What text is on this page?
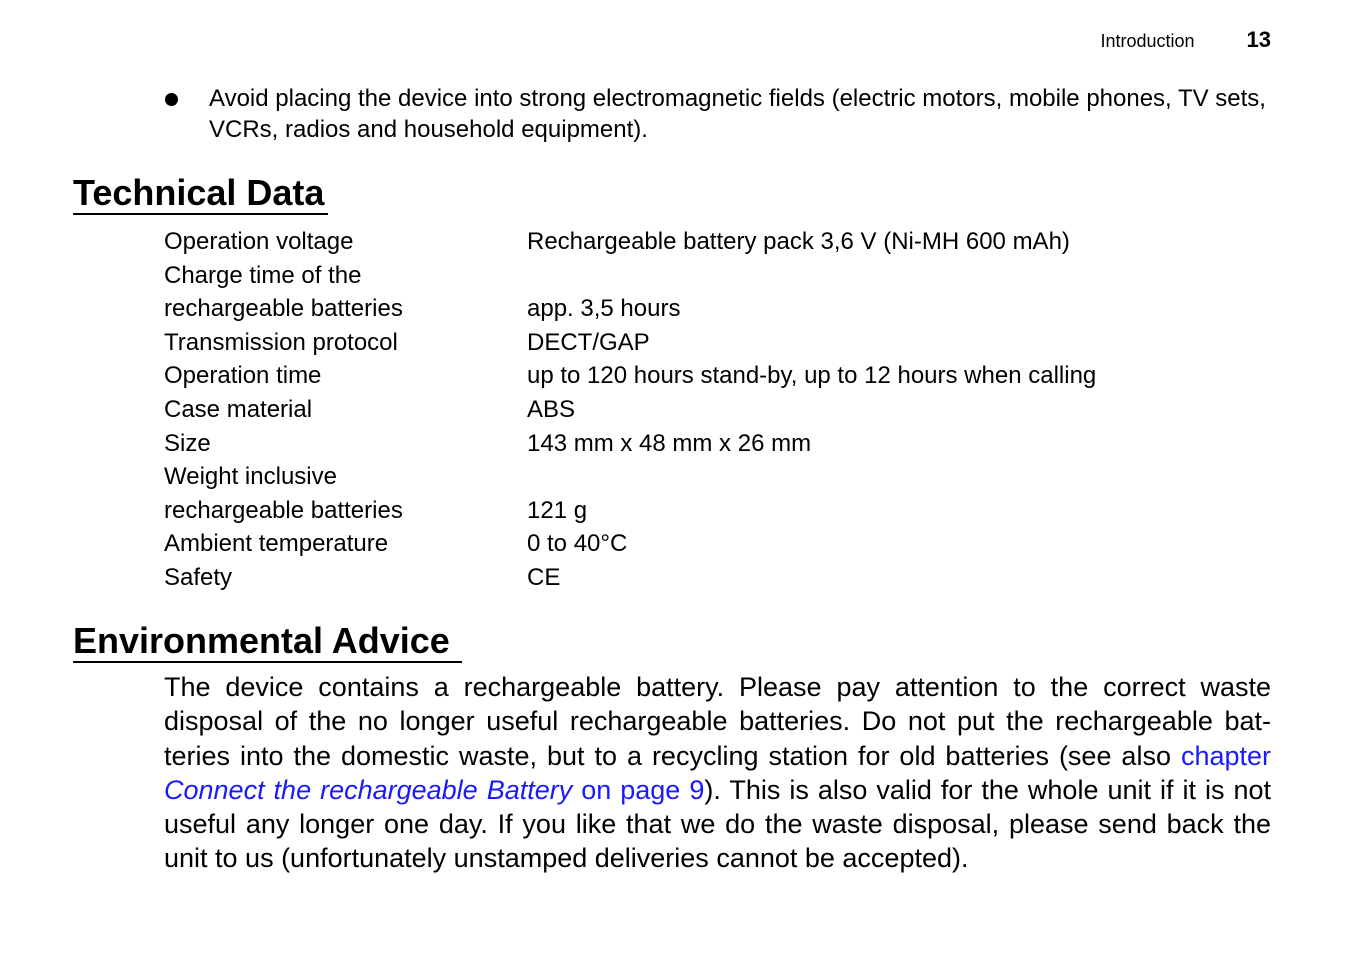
Introduction 13
Avoid placing the device into strong electromagnetic fields (electric motors, mobile phones, TV sets, VCRs, radios and household equipment).
Technical Data
Operation voltage	Rechargeable battery pack 3,6 V (Ni-MH 600 mAh)
Charge time of the
rechargeable batteries	app. 3,5 hours
Transmission protocol	DECT/GAP
Operation time	up to 120 hours stand-by, up to 12 hours when calling
Case material	ABS
Size	143 mm x 48 mm x 26 mm
Weight inclusive
rechargeable batteries	121 g
Ambient temperature	0 to 40°C
Safety	CE
Environmental Advice

The device contains a rechargeable battery. Please pay attention to the correct waste disposal of the no longer useful rechargeable batteries. Do not put the rechargeable batteries into the domestic waste, but to a recycling station for old batteries (see also chapter Connect the rechargeable Battery on page 9). This is also valid for the whole unit if it is not useful any longer one day. If you like that we do the waste disposal, please send back the unit to us (unfortunately unstamped deliveries cannot be accepted).
